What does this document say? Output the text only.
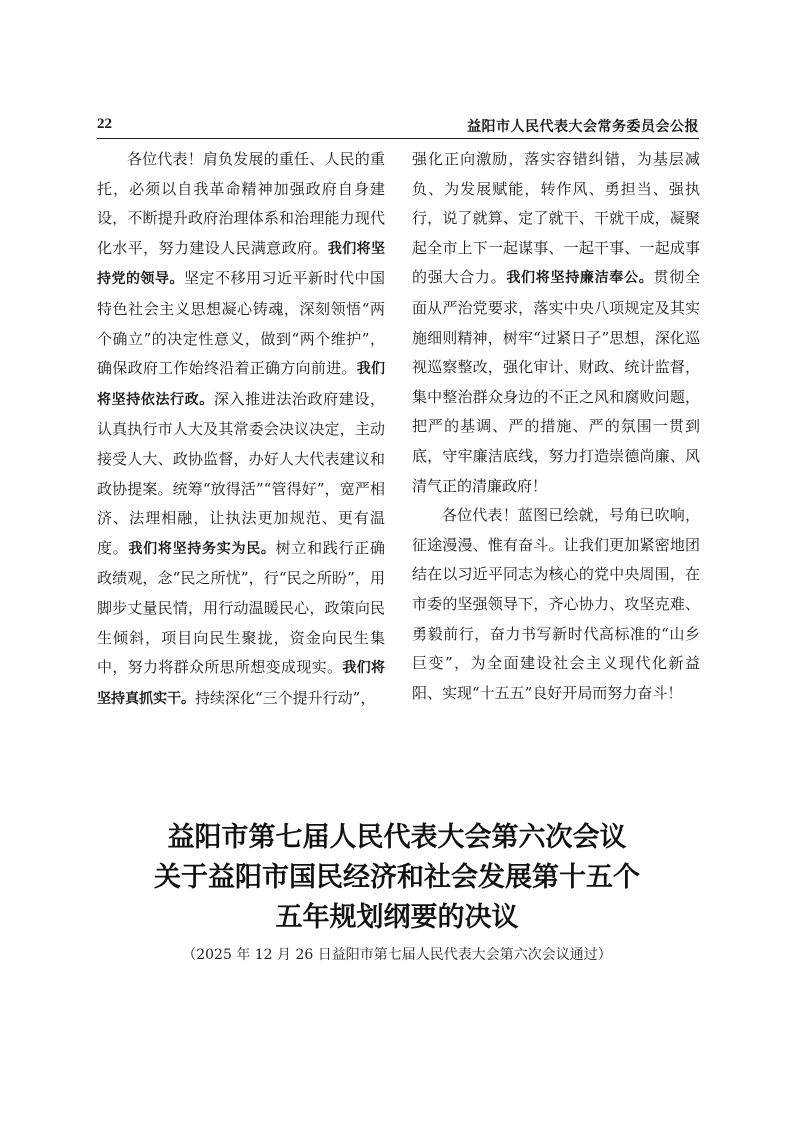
22	益阳市人民代表大会常务委员会公报

各位代表！肩负发展的重任、人民的重托，必须以自我革命精神加强政府自身建设，不断提升政府治理体系和治理能力现代化水平，努力建设人民满意政府。我们将坚持党的领导。坚定不移用习近平新时代中国特色社会主义思想凝心铸魂，深刻领悟“两个确立”的决定性意义，做到“两个维护”，确保政府工作始终沿着正确方向前进。我们将坚持依法行政。深入推进法治政府建设，认真执行市人大及其常委会决议决定，主动接受人大、政协监督，办好人大代表建议和政协提案。统筹“放得活”“管得好”，宽严相济、法理相融，让执法更加规范、更有温度。我们将坚持务实为民。树立和践行正确政绩观，念“民之所忧”，行“民之所盼”，用脚步丈量民情，用行动温暖民心，政策向民生倾斜，项目向民生聚拢，资金向民生集中，努力将群众所思所想变成现实。我们将坚持真抓实干。持续深化“三个提升行动”，

强化正向激励，落实容错纠错，为基层减负、为发展赋能，转作风、勇担当、强执行，说了就算、定了就干、干就干成，凝聚起全市上下一起谋事、一起干事、一起成事的强大合力。我们将坚持廉洁奉公。贯彻全面从严治党要求，落实中央八项规定及其实施细则精神，树牢“过紧日子”思想，深化巡视巡察整改，强化审计、财政、统计监督，集中整治群众身边的不正之风和腐败问题，把严的基调、严的措施、严的氛围一贯到底，守牢廉洁底线，努力打造崇德尚廉、风清气正的清廉政府！

各位代表！蓝图已绘就，号角已吹响，征途漫漫、惟有奋斗。让我们更加紧密地团结在以习近平同志为核心的党中央周围，在市委的坚强领导下，齐心协力、攻坚克难、勇毅前行，奋力书写新时代高标准的“山乡巨变”，为全面建设社会主义现代化新益阳、实现“十五五”良好开局而努力奋斗！

益阳市第七届人民代表大会第六次会议
关于益阳市国民经济和社会发展第十五个
五年规划纲要的决议
（2025 年 12 月 26 日益阳市第七届人民代表大会第六次会议通过）
